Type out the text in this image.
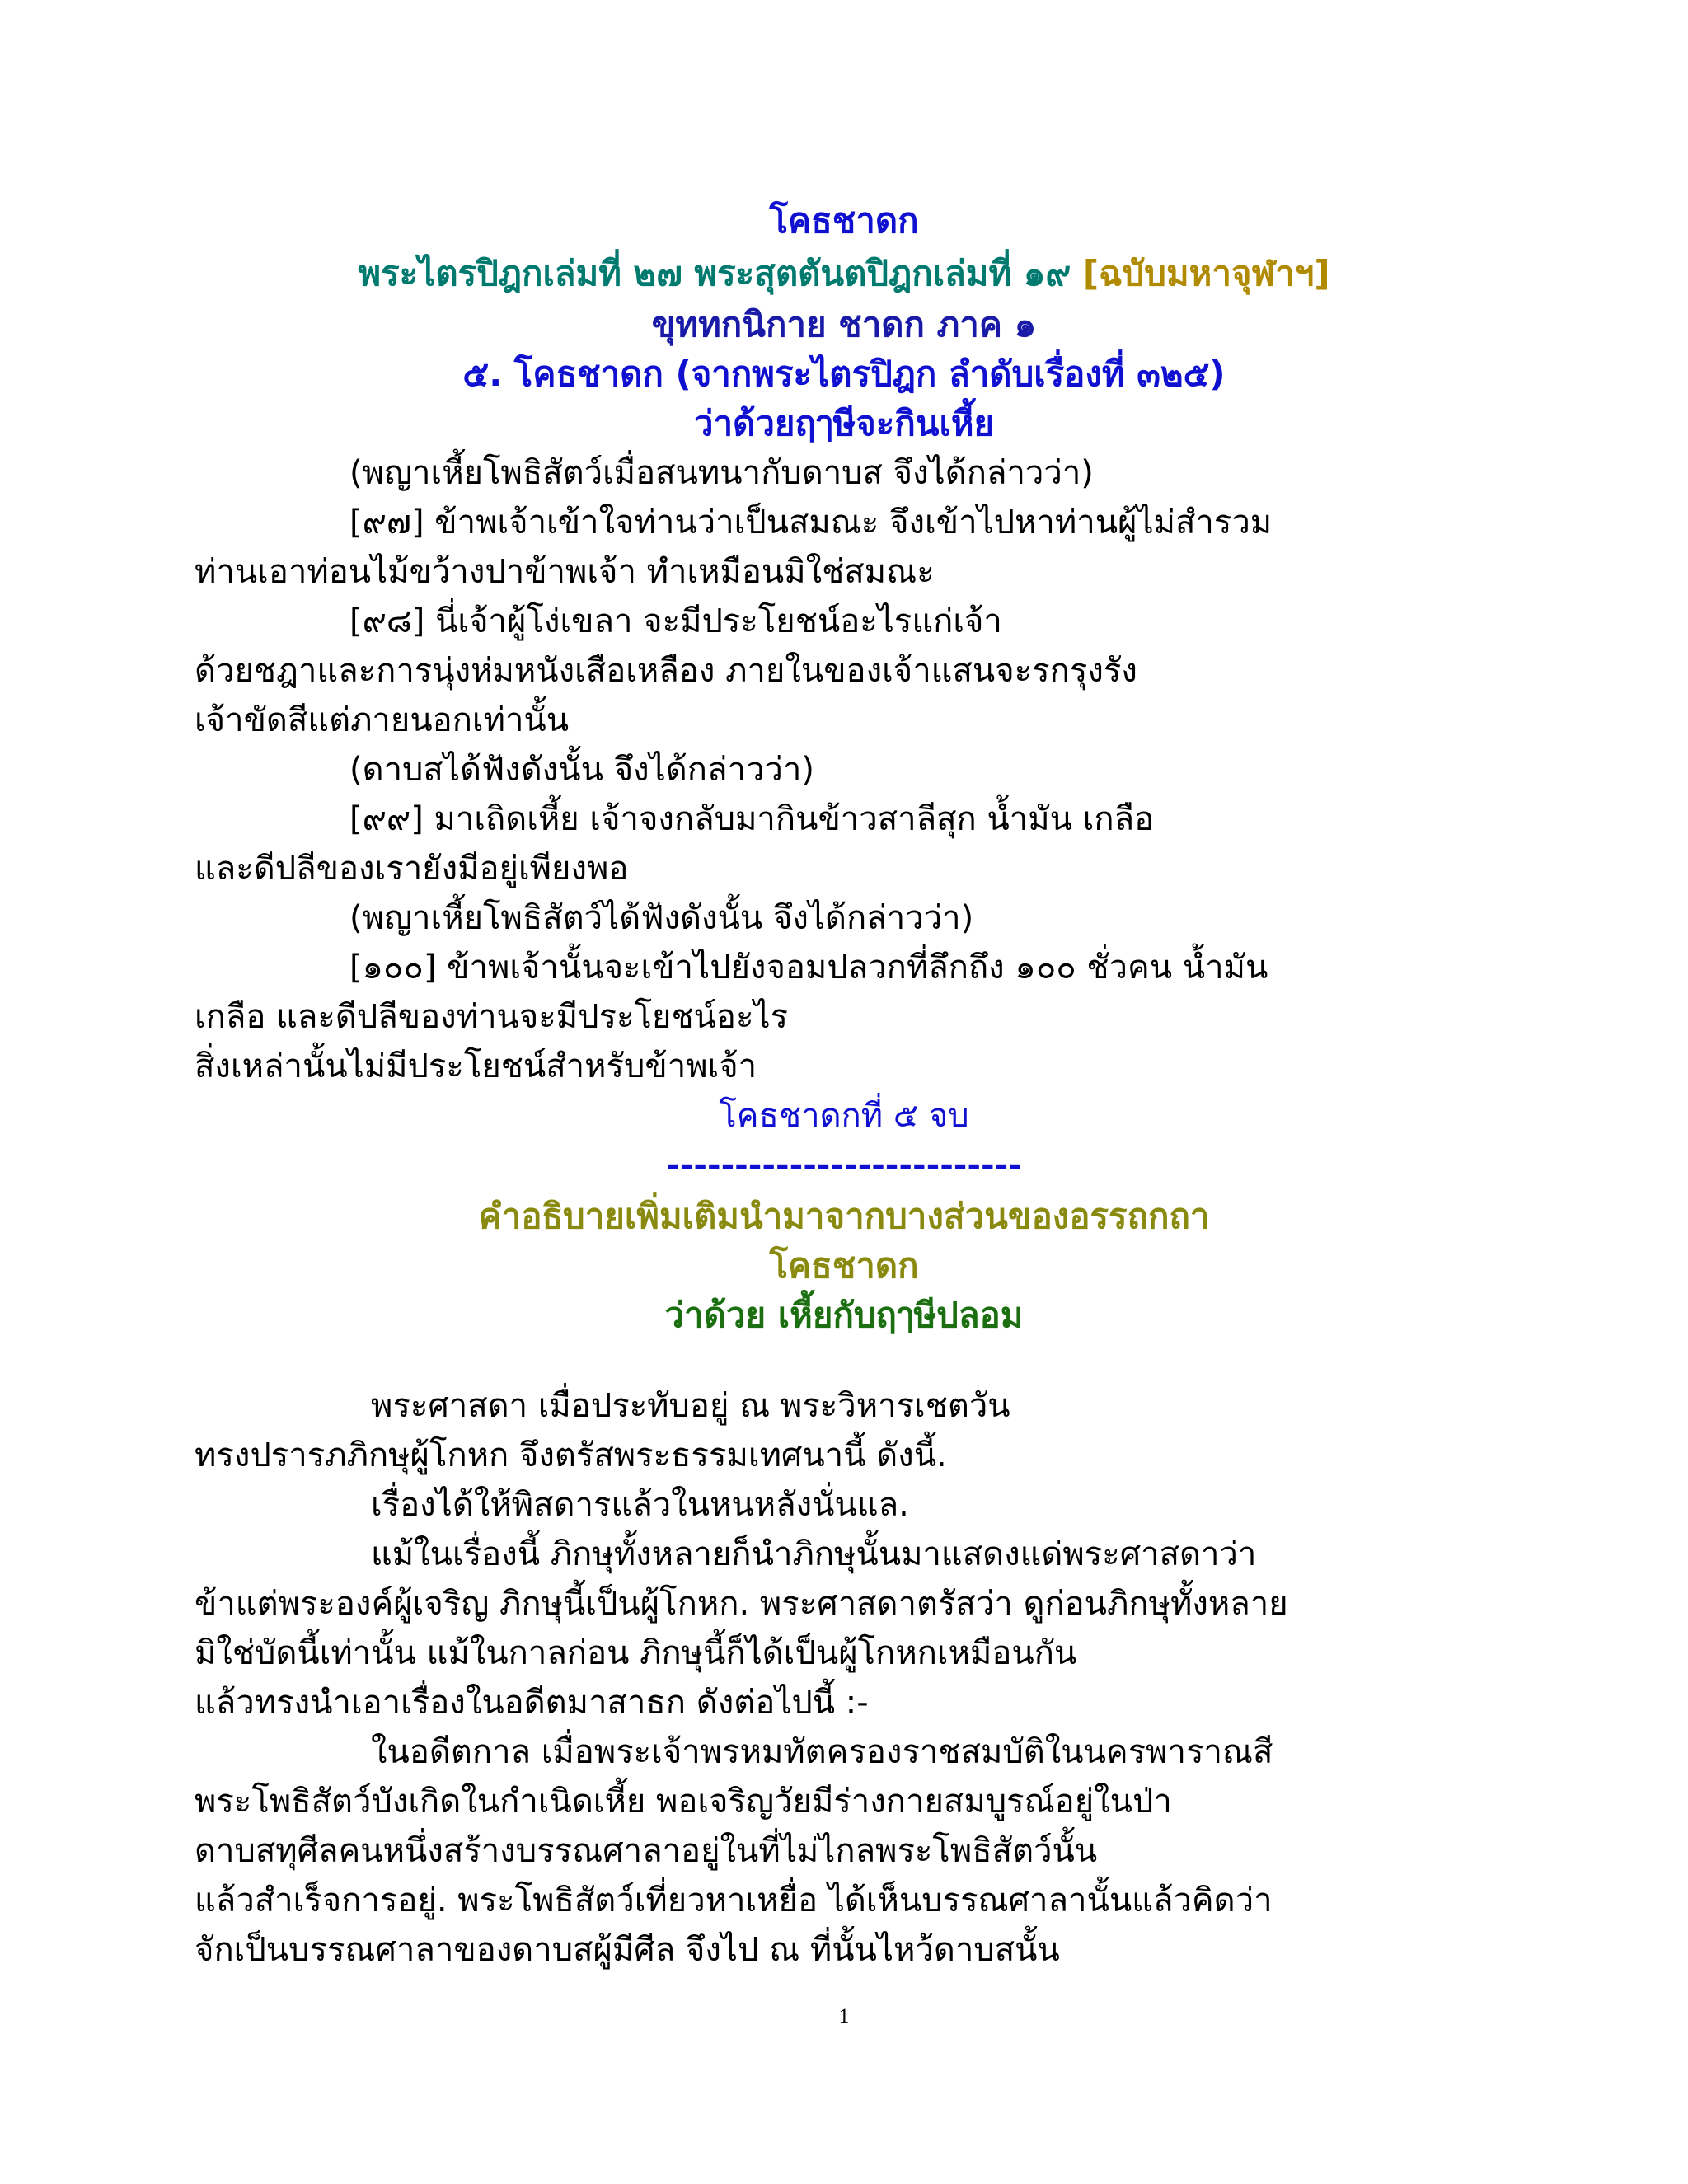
โคธชาดก
พระไตรปิฎกเล่มที่ ๒๗ พระสุตตันตปิฎกเล่มที่ ๑๙ [ฉบับมหาจุฬาฯ]
ขุททกนิกาย ชาดก ภาค ๑
๕. โคธชาดก (จากพระไตรปิฎก ลำดับเรื่องที่ ๓๒๕)
ว่าด้วยฤๅษีจะกินเหี้ย
(พญาเหี้ยโพธิสัตว์เมื่อสนทนากับดาบส จึงได้กล่าวว่า)
[๙๗] ข้าพเจ้าเข้าใจท่านว่าเป็นสมณะ จึงเข้าไปหาท่านผู้ไม่สำรวม
ท่านเอาท่อนไม้ขว้างปาข้าพเจ้า ทำเหมือนมิใช่สมณะ
[๙๘] นี่เจ้าผู้โง่เขลา จะมีประโยชน์อะไรแก่เจ้า
ด้วยชฎาและการนุ่งห่มหนังเสือเหลือง ภายในของเจ้าแสนจะรกรุงรัง
เจ้าขัดสีแต่ภายนอกเท่านั้น
(ดาบสได้ฟังดังนั้น จึงได้กล่าวว่า)
[๙๙] มาเถิดเหี้ย เจ้าจงกลับมากินข้าวสาลีสุก น้ำมัน เกลือ
และดีปลีของเรายังมีอยู่เพียงพอ
(พญาเหี้ยโพธิสัตว์ได้ฟังดังนั้น จึงได้กล่าวว่า)
[๑๐๐] ข้าพเจ้านั้นจะเข้าไปยังจอมปลวกที่ลึกถึง ๑๐๐ ชั่วคน น้ำมัน
เกลือ และดีปลีของท่านจะมีประโยชน์อะไร
สิ่งเหล่านั้นไม่มีประโยชน์สำหรับข้าพเจ้า
โคธชาดกที่ ๕ จบ
--------------------------
คำอธิบายเพิ่มเติมนำมาจากบางส่วนของอรรถกถา
โคธชาดก
ว่าด้วย เหี้ยกับฤๅษีปลอม
พระศาสดา เมื่อประทับอยู่ ณ พระวิหารเชตวัน
ทรงปรารภภิกษุผู้โกหก จึงตรัสพระธรรมเทศนานี้ ดังนี้.
เรื่องได้ให้พิสดารแล้วในหนหลังนั่นแล.
แม้ในเรื่องนี้ ภิกษุทั้งหลายก็นำภิกษุนั้นมาแสดงแด่พระศาสดาว่า
ข้าแต่พระองค์ผู้เจริญ ภิกษุนี้เป็นผู้โกหก. พระศาสดาตรัสว่า ดูก่อนภิกษุทั้งหลาย
มิใช่บัดนี้เท่านั้น แม้ในกาลก่อน ภิกษุนี้ก็ได้เป็นผู้โกหกเหมือนกัน
แล้วทรงนำเอาเรื่องในอดีตมาสาธก ดังต่อไปนี้ :-
ในอดีตกาล เมื่อพระเจ้าพรหมทัตครองราชสมบัติในนครพาราณสี
พระโพธิสัตว์บังเกิดในกำเนิดเหี้ย พอเจริญวัยมีร่างกายสมบูรณ์อยู่ในป่า
ดาบสทุศีลคนหนึ่งสร้างบรรณศาลาอยู่ในที่ไม่ไกลพระโพธิสัตว์นั้น
แล้วสำเร็จการอยู่. พระโพธิสัตว์เที่ยวหาเหยื่อ ได้เห็นบรรณศาลานั้นแล้วคิดว่า
จักเป็นบรรณศาลาของดาบสผู้มีศีล จึงไป ณ ที่นั้นไหว้ดาบสนั้น
1
